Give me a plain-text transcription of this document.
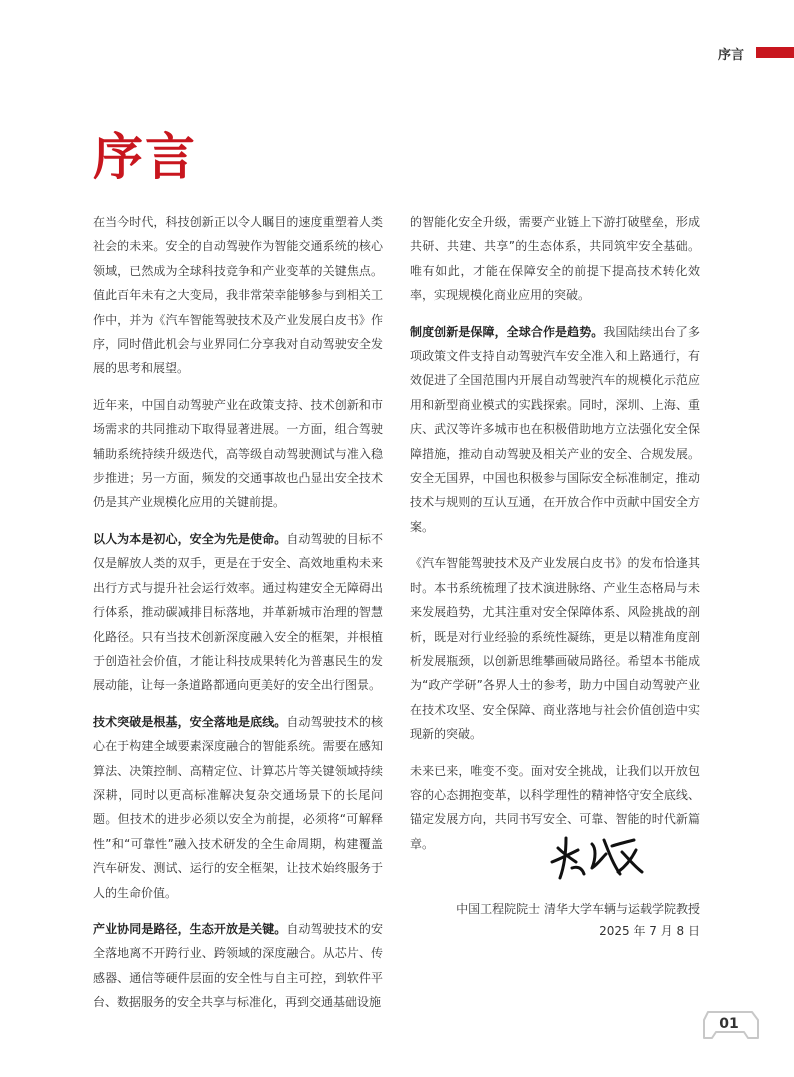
序言
序言

在当今时代，科技创新正以令人瞩目的速度重塑着人类社会的未来。安全的自动驾驶作为智能交通系统的核心领域，已然成为全球科技竞争和产业变革的关键焦点。值此百年未有之大变局，我非常荣幸能够参与到相关工作中，并为《汽车智能驾驶技术及产业发展白皮书》作序，同时借此机会与业界同仁分享我对自动驾驶安全发展的思考和展望。

近年来，中国自动驾驶产业在政策支持、技术创新和市场需求的共同推动下取得显著进展。一方面，组合驾驶辅助系统持续升级迭代，高等级自动驾驶测试与准入稳步推进；另一方面，频发的交通事故也凸显出安全技术仍是其产业规模化应用的关键前提。

以人为本是初心，安全为先是使命。自动驾驶的目标不仅是解放人类的双手，更是在于安全、高效地重构未来出行方式与提升社会运行效率。通过构建安全无障碍出行体系，推动碳减排目标落地，并革新城市治理的智慧化路径。只有当技术创新深度融入安全的框架，并根植于创造社会价值，才能让科技成果转化为普惠民生的发展动能，让每一条道路都通向更美好的安全出行图景。

技术突破是根基，安全落地是底线。自动驾驶技术的核心在于构建全域要素深度融合的智能系统。需要在感知算法、决策控制、高精定位、计算芯片等关键领域持续深耕，同时以更高标准解决复杂交通场景下的长尾问题。但技术的进步必须以安全为前提，必须将“可解释性”和“可靠性”融入技术研发的全生命周期，构建覆盖汽车研发、测试、运行的安全框架，让技术始终服务于人的生命价值。

产业协同是路径，生态开放是关键。自动驾驶技术的安全落地离不开跨行业、跨领域的深度融合。从芯片、传感器、通信等硬件层面的安全性与自主可控，到软件平台、数据服务的安全共享与标准化，再到交通基础设施

的智能化安全升级，需要产业链上下游打破壁垒，形成共研、共建、共享”的生态体系，共同筑牢安全基础。唯有如此，才能在保障安全的前提下提高技术转化效率，实现规模化商业应用的突破。

制度创新是保障，全球合作是趋势。我国陆续出台了多项政策文件支持自动驾驶汽车安全准入和上路通行，有效促进了全国范围内开展自动驾驶汽车的规模化示范应用和新型商业模式的实践探索。同时，深圳、上海、重庆、武汉等许多城市也在积极借助地方立法强化安全保障措施，推动自动驾驶及相关产业的安全、合规发展。安全无国界，中国也积极参与国际安全标准制定，推动技术与规则的互认互通，在开放合作中贡献中国安全方案。

《汽车智能驾驶技术及产业发展白皮书》的发布恰逢其时。本书系统梳理了技术演进脉络、产业生态格局与未来发展趋势，尤其注重对安全保障体系、风险挑战的剖析，既是对行业经验的系统性凝练，更是以精准角度剖析发展瓶颈，以创新思维攀画破局路径。希望本书能成为“政产学研”各界人士的参考，助力中国自动驾驶产业在技术攻坚、安全保障、商业落地与社会价值创造中实现新的突破。

未来已来，唯变不变。面对安全挑战，让我们以开放包容的心态拥抱变革，以科学理性的精神恪守安全底线、锚定发展方向，共同书写安全、可靠、智能的时代新篇章。

中国工程院院士 清华大学车辆与运载学院教授
2025 年 7 月 8 日
01
